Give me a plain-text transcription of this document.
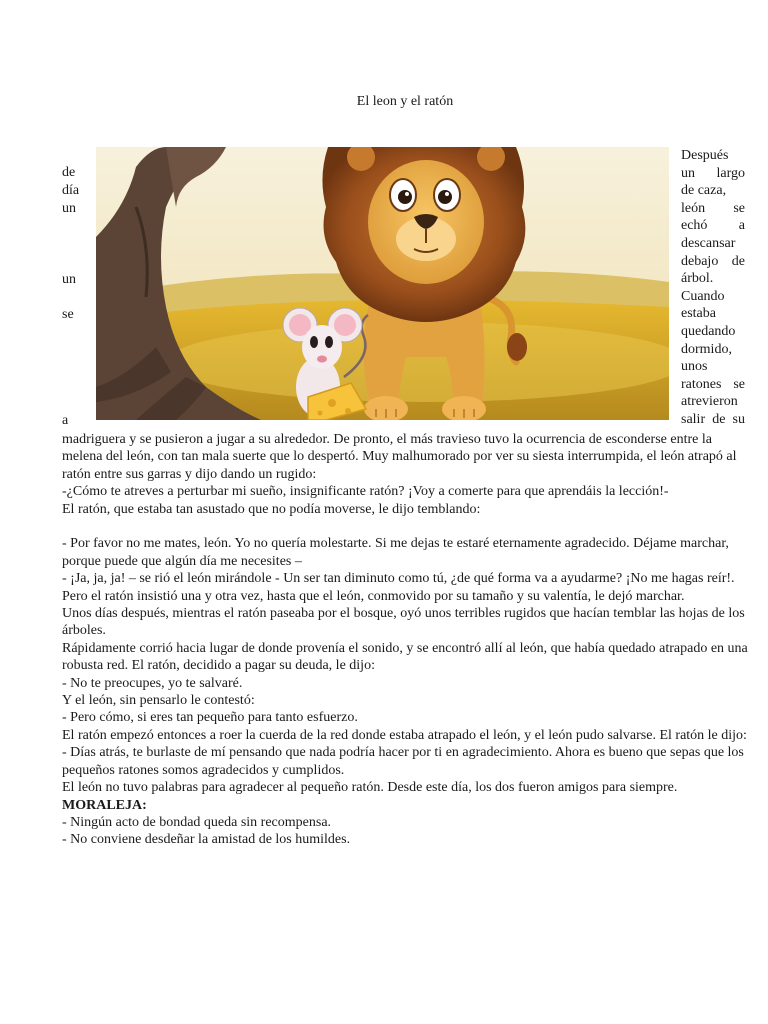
El leon y el ratón
de
día
un
un
se
a
Después
un largo
de caza,
león se
echó a
descansar
debajo de
árbol.
Cuando
estaba
quedando
dormido,
unos
ratones se
atrevieron
salir de su

madriguera y se pusieron a jugar a su alrededor. De pronto, el más travieso tuvo la ocurrencia de esconderse entre la melena del león, con tan mala suerte que lo despertó. Muy malhumorado por ver su siesta interrumpida, el león atrapó al ratón entre sus garras y dijo dando un rugido:

-¿Cómo te atreves a perturbar mi sueño, insignificante ratón? ¡Voy a comerte para que aprendáis la lección!-

El ratón, que estaba tan asustado que no podía moverse, le dijo temblando:

- Por favor no me mates, león. Yo no quería molestarte. Si me dejas te estaré eternamente agradecido. Déjame marchar, porque puede que algún día me necesites –

- ¡Ja, ja, ja! – se rió el león mirándole - Un ser tan diminuto como tú, ¿de qué forma va a ayudarme? ¡No me hagas reír!.

Pero el ratón insistió una y otra vez, hasta que el león, conmovido por su tamaño y su valentía, le dejó marchar.

Unos días después, mientras el ratón paseaba por el bosque, oyó unos terribles rugidos que hacían temblar las hojas de los árboles.

Rápidamente corrió hacia lugar de donde provenía el sonido, y se encontró allí al león, que había quedado atrapado en una robusta red. El ratón, decidido a pagar su deuda, le dijo:

- No te preocupes, yo te salvaré.

Y el león, sin pensarlo le contestó:

- Pero cómo, si eres tan pequeño para tanto esfuerzo.

El ratón empezó entonces a roer la cuerda de la red donde estaba atrapado el león, y el león pudo salvarse. El ratón le dijo:

- Días atrás, te burlaste de mí pensando que nada podría hacer por ti en agradecimiento. Ahora es bueno que sepas que los pequeños ratones somos agradecidos y cumplidos.

El león no tuvo palabras para agradecer al pequeño ratón. Desde este día, los dos fueron amigos para siempre.

MORALEJA:

- Ningún acto de bondad queda sin recompensa.

- No conviene desdeñar la amistad de los humildes.
